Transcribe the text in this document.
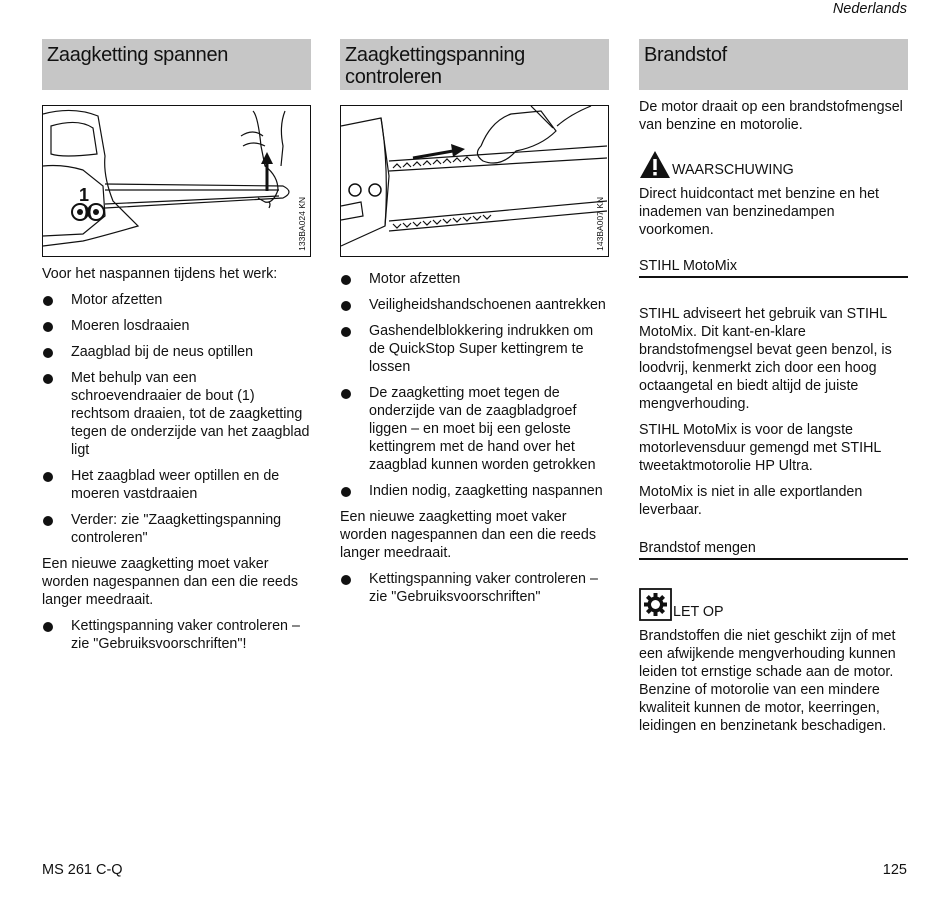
Nederlands
Zaagketting spannen
1
133BA024 KN

Voor het naspannen tijdens het werk:

Motor afzetten
Moeren losdraaien
Zaagblad bij de neus optillen
Met behulp van een schroevendraaier de bout (1) rechtsom draaien, tot de zaagketting tegen de onderzijde van het zaagblad ligt
Het zaagblad weer optillen en de moeren vastdraaien
Verder: zie "Zaagkettingspanning controleren"

Een nieuwe zaagketting moet vaker worden nagespannen dan een die reeds langer meedraait.

Kettingspanning vaker controleren – zie "Gebruiksvoorschriften"!
Zaagkettingspanning controleren
143BA007 KN
Motor afzetten
Veiligheidshandschoenen aantrekken
Gashendelblokkering indrukken om de QuickStop Super kettingrem te lossen
De zaagketting moet tegen de onderzijde van de zaagbladgroef liggen – en moet bij een geloste kettingrem met de hand over het zaagblad kunnen worden getrokken
Indien nodig, zaagketting naspannen

Een nieuwe zaagketting moet vaker worden nagespannen dan een die reeds langer meedraait.

Kettingspanning vaker controleren – zie "Gebruiksvoorschriften"
Brandstof

De motor draait op een brandstofmengsel van benzine en motorolie.

WAARSCHUWING

Direct huidcontact met benzine en het inademen van benzinedampen voorkomen.

STIHL MotoMix

STIHL adviseert het gebruik van STIHL MotoMix. Dit kant-en-klare brandstofmengsel bevat geen benzol, is loodvrij, kenmerkt zich door een hoog octaangetal en biedt altijd de juiste mengverhouding.

STIHL MotoMix is voor de langste motorlevensduur gemengd met STIHL tweetaktmotorolie HP Ultra.

MotoMix is niet in alle exportlanden leverbaar.

Brandstof mengen
LET OP

Brandstoffen die niet geschikt zijn of met een afwijkende mengverhouding kunnen leiden tot ernstige schade aan de motor. Benzine of motorolie van een mindere kwaliteit kunnen de motor, keerringen, leidingen en benzinetank beschadigen.

MS 261 C-Q	125
